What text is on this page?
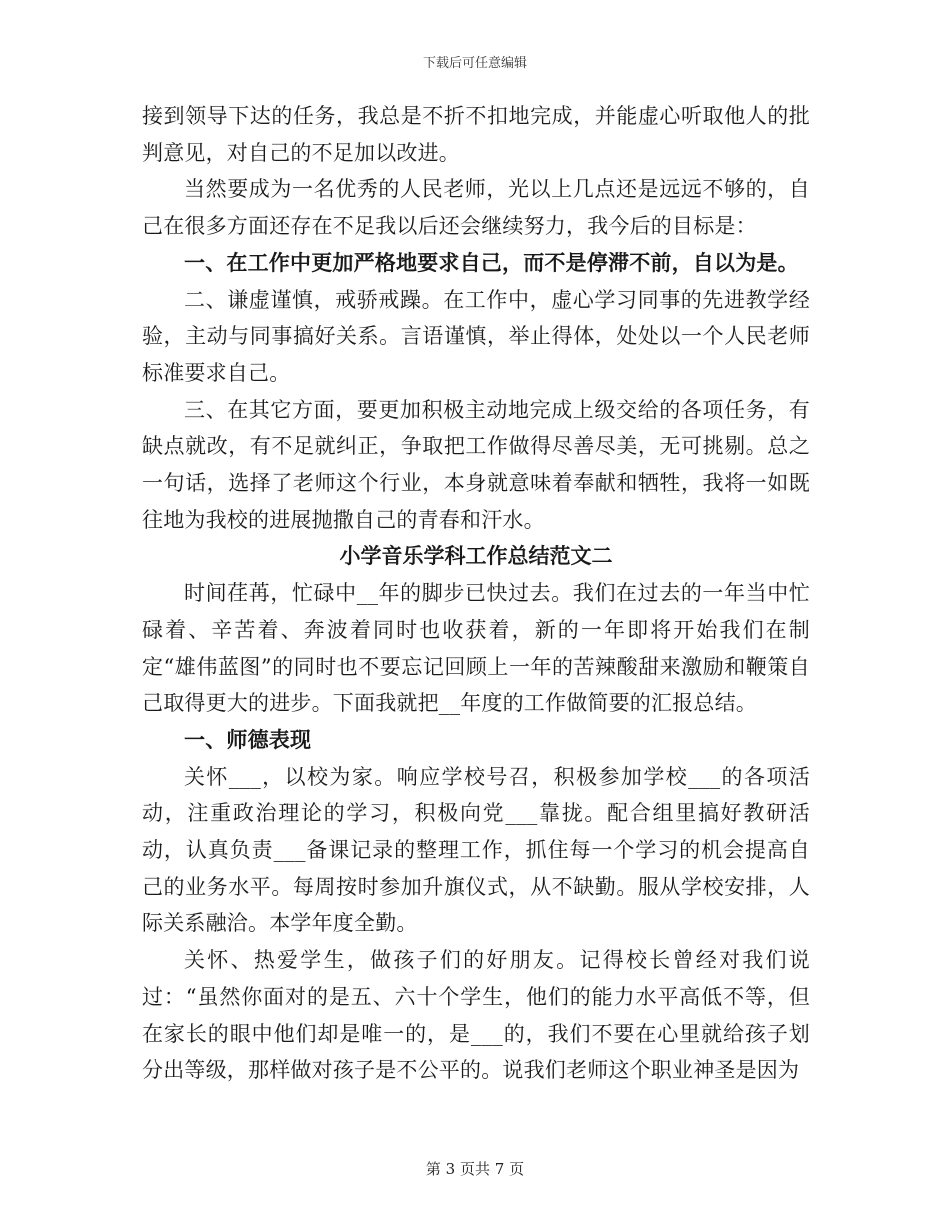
下载后可任意编辑

接到领导下达的任务，我总是不折不扣地完成，并能虚心听取他人的批判意见，对自己的不足加以改进。

当然要成为一名优秀的人民老师，光以上几点还是远远不够的，自己在很多方面还存在不足我以后还会继续努力，我今后的目标是：

一、在工作中更加严格地要求自己，而不是停滞不前，自以为是。

二、谦虚谨慎，戒骄戒躁。在工作中，虚心学习同事的先进教学经验，主动与同事搞好关系。言语谨慎，举止得体，处处以一个人民老师标准要求自己。

三、在其它方面，要更加积极主动地完成上级交给的各项任务，有缺点就改，有不足就纠正，争取把工作做得尽善尽美，无可挑剔。总之一句话，选择了老师这个行业，本身就意味着奉献和牺牲，我将一如既往地为我校的进展抛撒自己的青春和汗水。

小学音乐学科工作总结范文二

时间荏苒，忙碌中__年的脚步已快过去。我们在过去的一年当中忙碌着、辛苦着、奔波着同时也收获着，新的一年即将开始我们在制定“雄伟蓝图”的同时也不要忘记回顾上一年的苦辣酸甜来激励和鞭策自己取得更大的进步。下面我就把__年度的工作做简要的汇报总结。

一、师德表现

关怀___，以校为家。响应学校号召，积极参加学校___的各项活动，注重政治理论的学习，积极向党___靠拢。配合组里搞好教研活动，认真负责___备课记录的整理工作，抓住每一个学习的机会提高自己的业务水平。每周按时参加升旗仪式，从不缺勤。服从学校安排，人际关系融洽。本学年度全勤。

关怀、热爱学生，做孩子们的好朋友。记得校长曾经对我们说过：“虽然你面对的是五、六十个学生，他们的能力水平高低不等，但在家长的眼中他们却是唯一的，是___的，我们不要在心里就给孩子划分出等级，那样做对孩子是不公平的。说我们老师这个职业神圣是因为

第 3 页共 7 页
